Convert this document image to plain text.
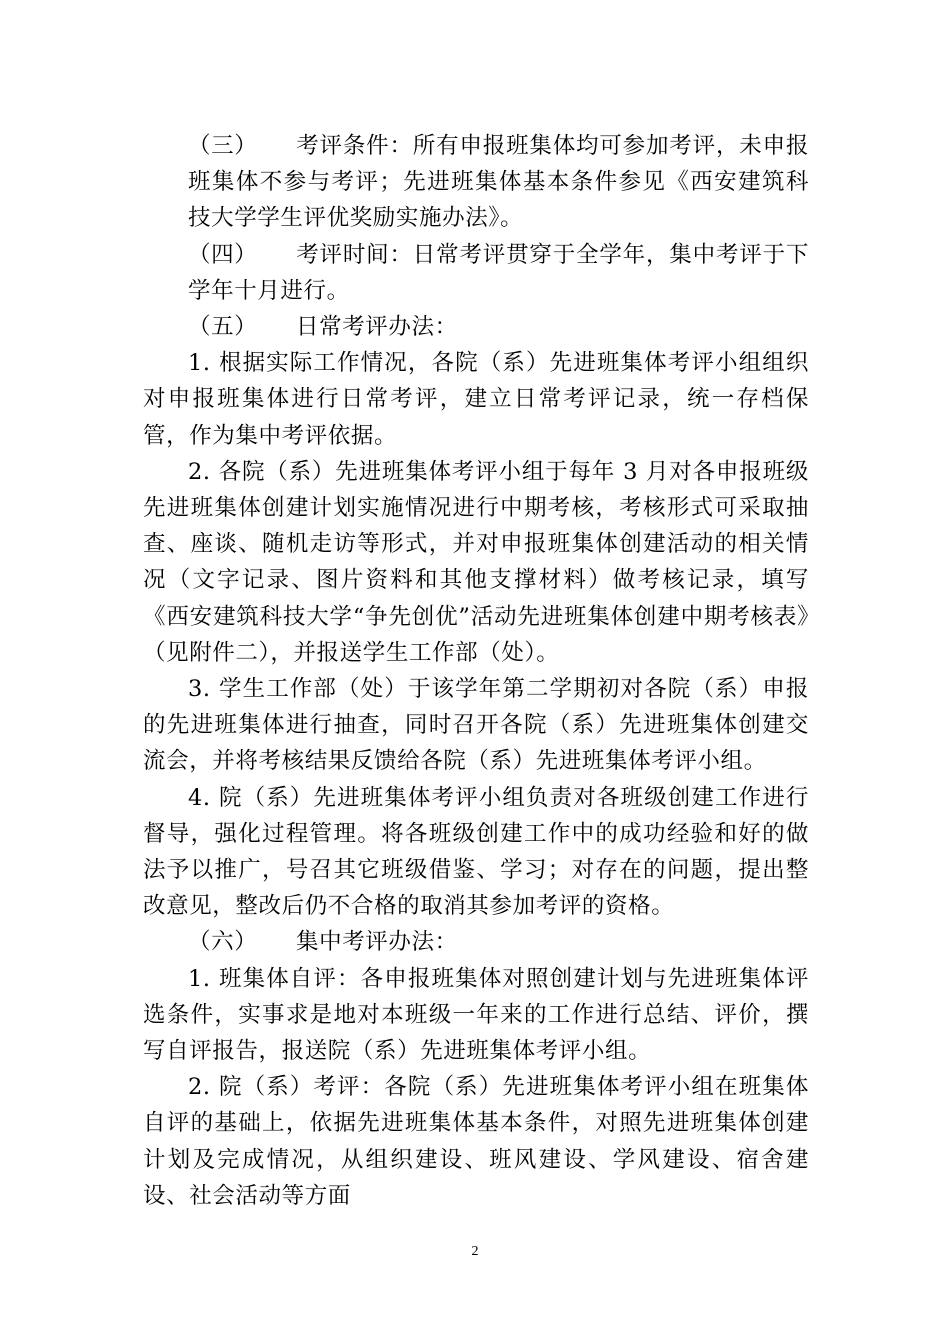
（三） 考评条件：所有申报班集体均可参加考评，未申报班集体不参与考评；先进班集体基本条件参见《西安建筑科技大学学生评优奖励实施办法》。

（四） 考评时间：日常考评贯穿于全学年，集中考评于下学年十月进行。

（五） 日常考评办法：

1. 根据实际工作情况，各院（系）先进班集体考评小组组织对申报班集体进行日常考评，建立日常考评记录，统一存档保管，作为集中考评依据。

2. 各院（系）先进班集体考评小组于每年 3 月对各申报班级先进班集体创建计划实施情况进行中期考核，考核形式可采取抽查、座谈、随机走访等形式，并对申报班集体创建活动的相关情况（文字记录、图片资料和其他支撑材料）做考核记录，填写《西安建筑科技大学“争先创优”活动先进班集体创建中期考核表》（见附件二），并报送学生工作部（处）。

3. 学生工作部（处）于该学年第二学期初对各院（系）申报的先进班集体进行抽查，同时召开各院（系）先进班集体创建交流会，并将考核结果反馈给各院（系）先进班集体考评小组。

4. 院（系）先进班集体考评小组负责对各班级创建工作进行督导，强化过程管理。将各班级创建工作中的成功经验和好的做法予以推广，号召其它班级借鉴、学习；对存在的问题，提出整改意见，整改后仍不合格的取消其参加考评的资格。

（六） 集中考评办法：

1. 班集体自评：各申报班集体对照创建计划与先进班集体评选条件，实事求是地对本班级一年来的工作进行总结、评价，撰写自评报告，报送院（系）先进班集体考评小组。

2. 院（系）考评：各院（系）先进班集体考评小组在班集体自评的基础上，依据先进班集体基本条件，对照先进班集体创建计划及完成情况，从组织建设、班风建设、学风建设、宿舍建设、社会活动等方面

2
